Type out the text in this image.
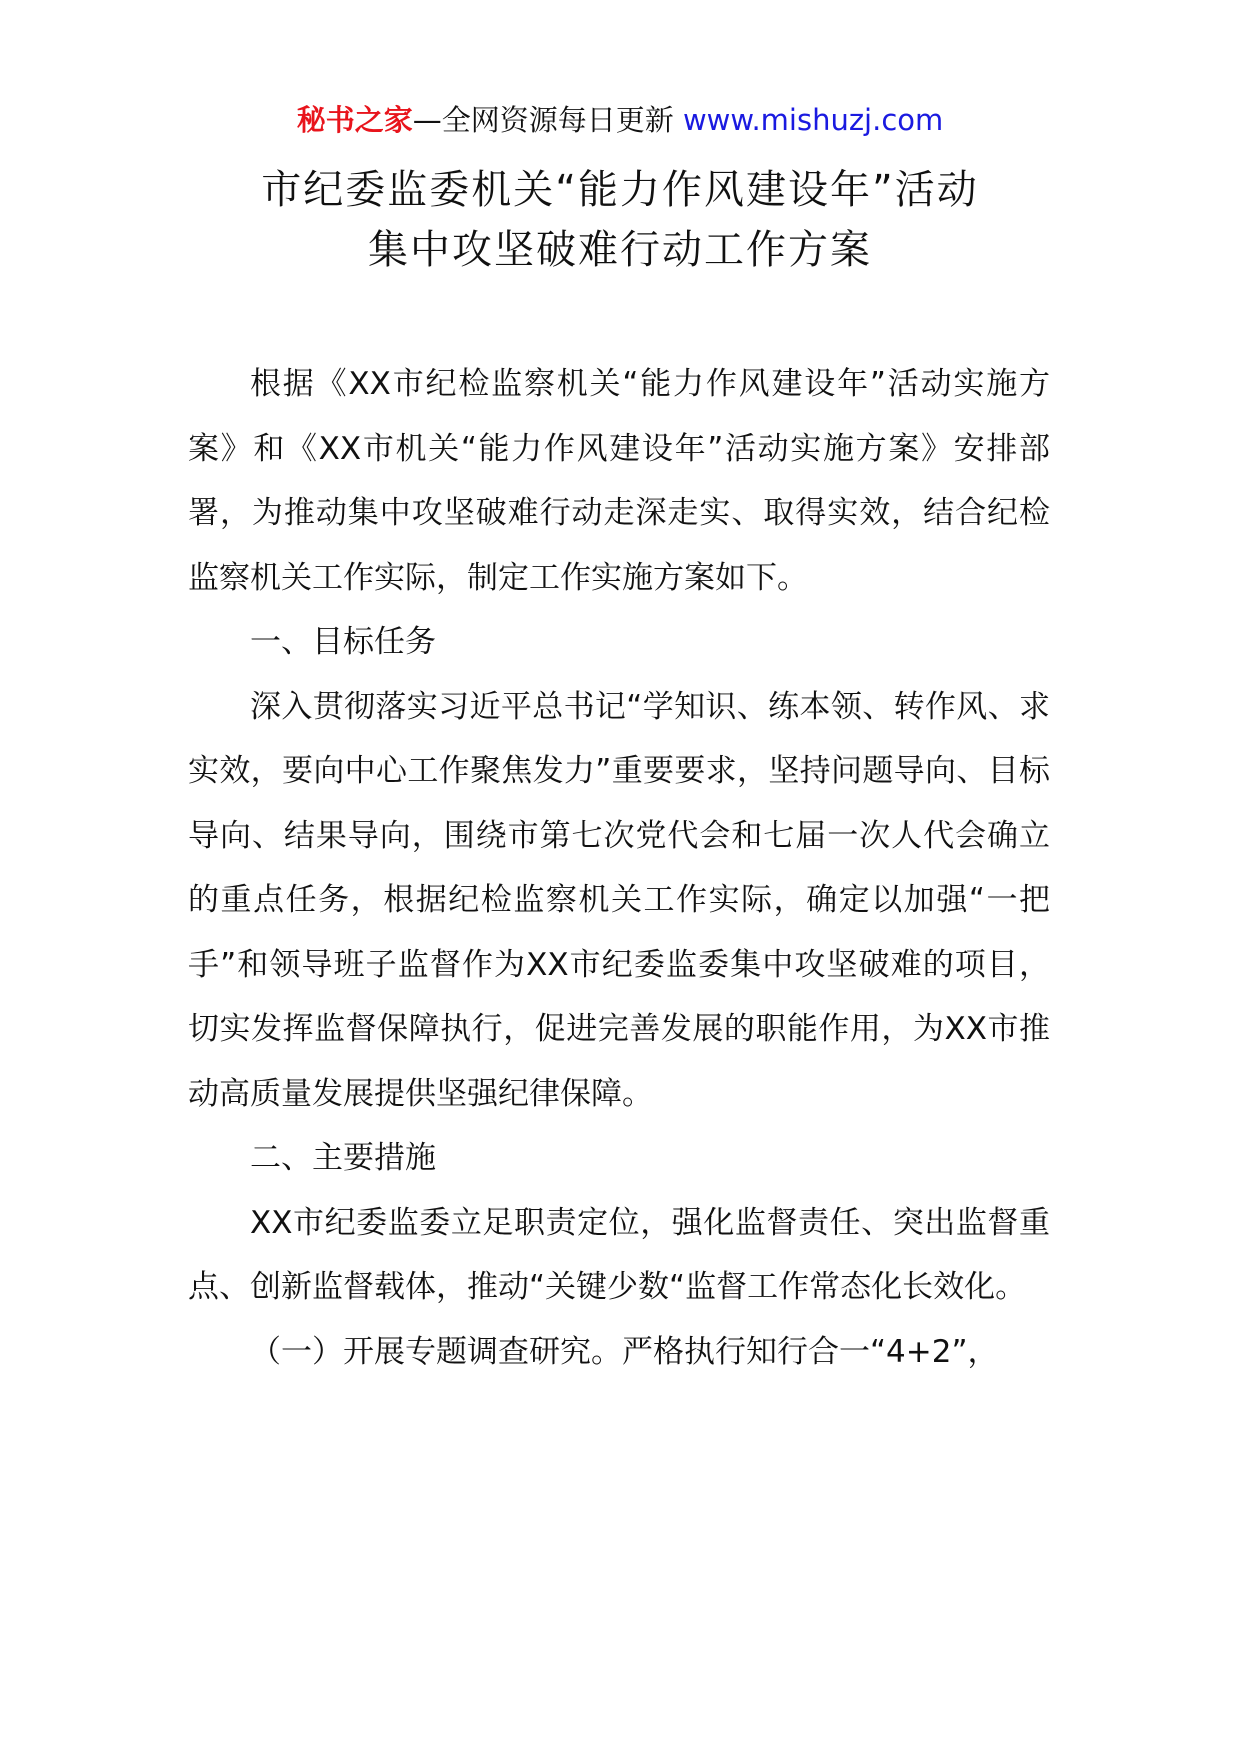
秘书之家—全网资源每日更新 www.mishuzj.com
市纪委监委机关“能力作风建设年”活动
集中攻坚破难行动工作方案

根据《XX市纪检监察机关“能力作风建设年”活动实施方案》和《XX市机关“能力作风建设年”活动实施方案》安排部署，为推动集中攻坚破难行动走深走实、取得实效，结合纪检监察机关工作实际，制定工作实施方案如下。

一、目标任务

深入贯彻落实习近平总书记“学知识、练本领、转作风、求实效，要向中心工作聚焦发力”重要要求，坚持问题导向、目标导向、结果导向，围绕市第七次党代会和七届一次人代会确立的重点任务，根据纪检监察机关工作实际，确定以加强“一把手”和领导班子监督作为XX市纪委监委集中攻坚破难的项目，切实发挥监督保障执行，促进完善发展的职能作用，为XX市推动高质量发展提供坚强纪律保障。

二、主要措施

XX市纪委监委立足职责定位，强化监督责任、突出监督重点、创新监督载体，推动“关键少数“监督工作常态化长效化。

（一）开展专题调查研究。严格执行知行合一“4+2”，
